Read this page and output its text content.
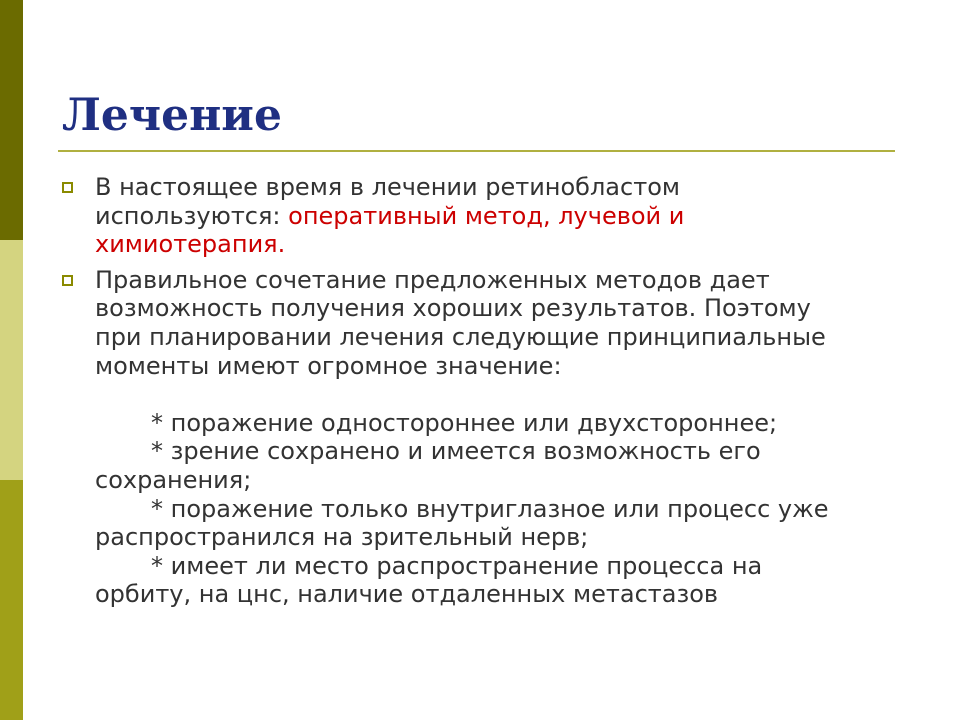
Лечение
В настоящее время в лечении ретинобластом
используются: оперативный метод, лучевой и
химиотерапия.
Правильное сочетание предложенных методов дает
возможность получения хороших результатов. Поэтому
при планировании лечения следующие принципиальные
моменты имеют огромное значение:
* поражение одностороннее или двухстороннее;
* зрение сохранено и имеется возможность его
сохранения;
* поражение только внутриглазное или процесс уже
распространился на зрительный нерв;
* имеет ли место распространение процесса на
орбиту, на цнс, наличие отдаленных метастазов
